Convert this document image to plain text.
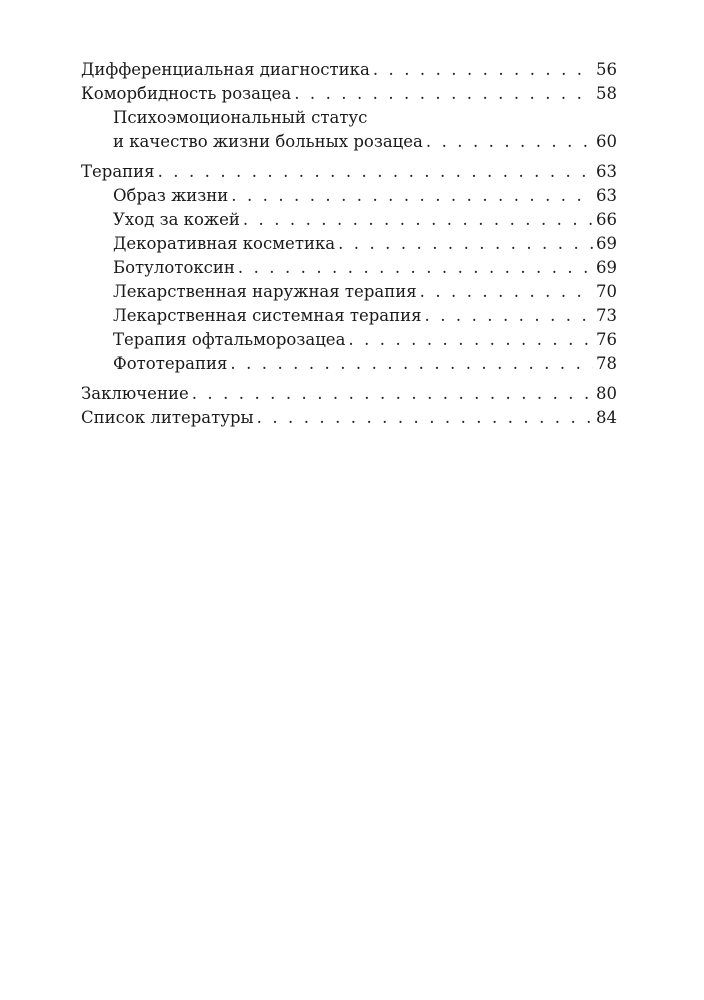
Дифференциальная диагностика . . .	56
Коморбидность розацеа . . .	58
Психоэмоциональный статус
и качество жизни больных розацеа . . .	60
Терапия . . .	63
Образ жизни . . .	63
Уход за кожей . . .	66
Декоративная косметика . . .	69
Ботулотоксин . . .	69
Лекарственная наружная терапия . . .	70
Лекарственная системная терапия . . .	73
Терапия офтальморозацеа . . .	76
Фототерапия . . .	78
Заключение . . .	80
Список литературы . . .	84
